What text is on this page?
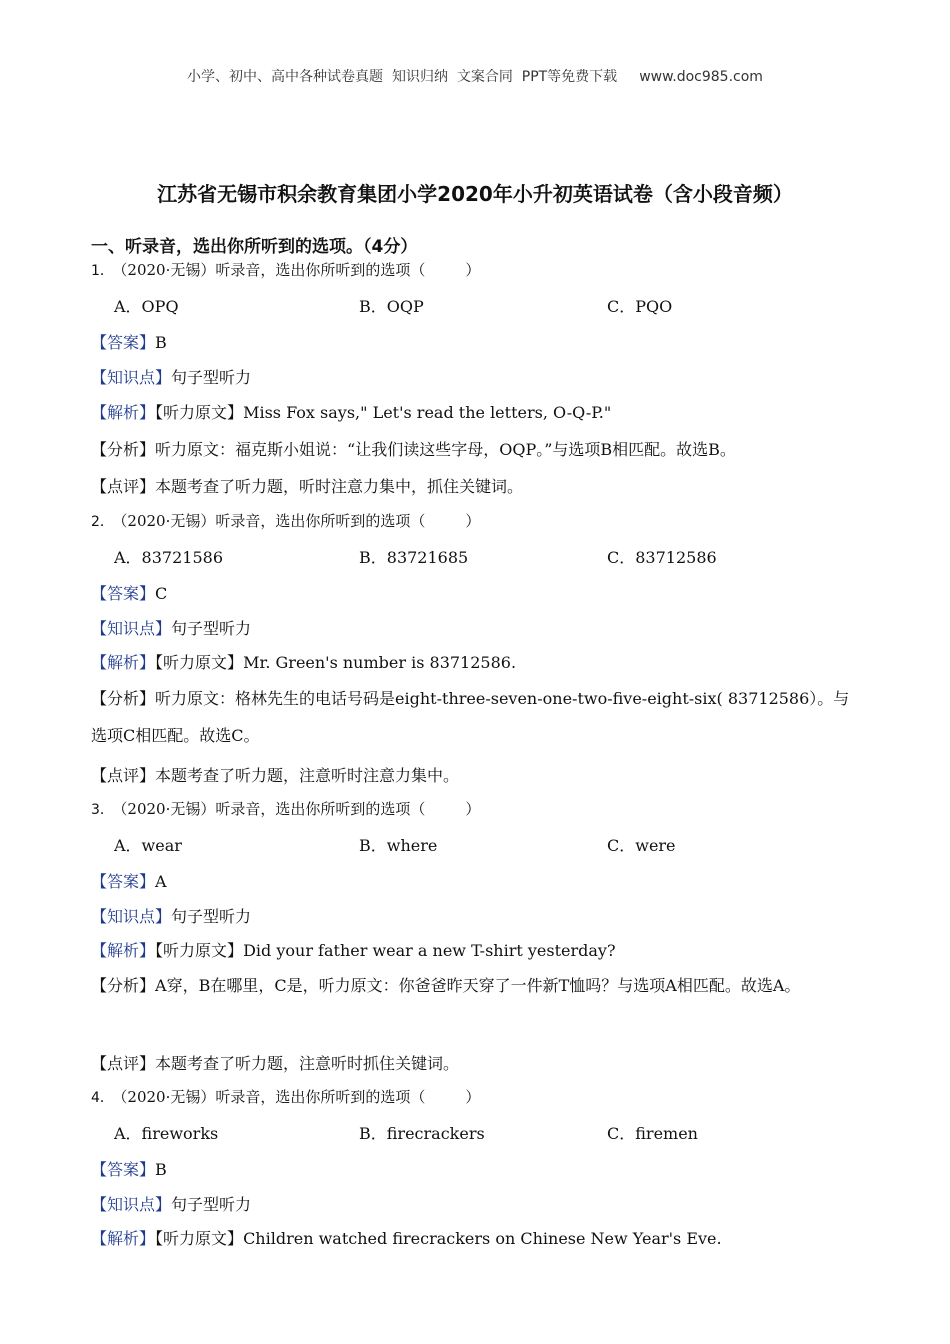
小学、初中、高中各种试卷真题  知识归纳  文案合同  PPT等免费下载 www.doc985.com
江苏省无锡市积余教育集团小学2020年小升初英语试卷（含小段音频）
一、听录音，选出你所听到的选项。（4分）
1． （2020·无锡）听录音，选出你所听到的选项（	）
A．OPQ	B．OQP	C．PQO
【答案】B
【知识点】句子型听力
【解析】【听力原文】Miss Fox says," Let's read the letters, O-Q-P."
【分析】听力原文：福克斯小姐说：“让我们读这些字母，OQP。”与选项B相匹配。故选B。
【点评】本题考查了听力题，听时注意力集中，抓住关键词。
2． （2020·无锡）听录音，选出你所听到的选项（	）
A．83721586	B．83721685	C．83712586
【答案】C
【知识点】句子型听力
【解析】【听力原文】Mr. Green's number is 83712586.
【分析】听力原文：格林先生的电话号码是eight-three-seven-one-two-five-eight-six( 83712586）。与选项C相匹配。故选C。
【点评】本题考查了听力题，注意听时注意力集中。
3． （2020·无锡）听录音，选出你所听到的选项（	）
A．wear	B．where	C．were
【答案】A
【知识点】句子型听力
【解析】【听力原文】Did your father wear a new T-shirt yesterday?
【分析】A穿，B在哪里，C是，听力原文：你爸爸昨天穿了一件新T恤吗？与选项A相匹配。故选A。
【点评】本题考查了听力题，注意听时抓住关键词。
4． （2020·无锡）听录音，选出你所听到的选项（	）
A．fireworks	B．firecrackers	C．firemen
【答案】B
【知识点】句子型听力
【解析】【听力原文】Children watched firecrackers on Chinese New Year's Eve.
